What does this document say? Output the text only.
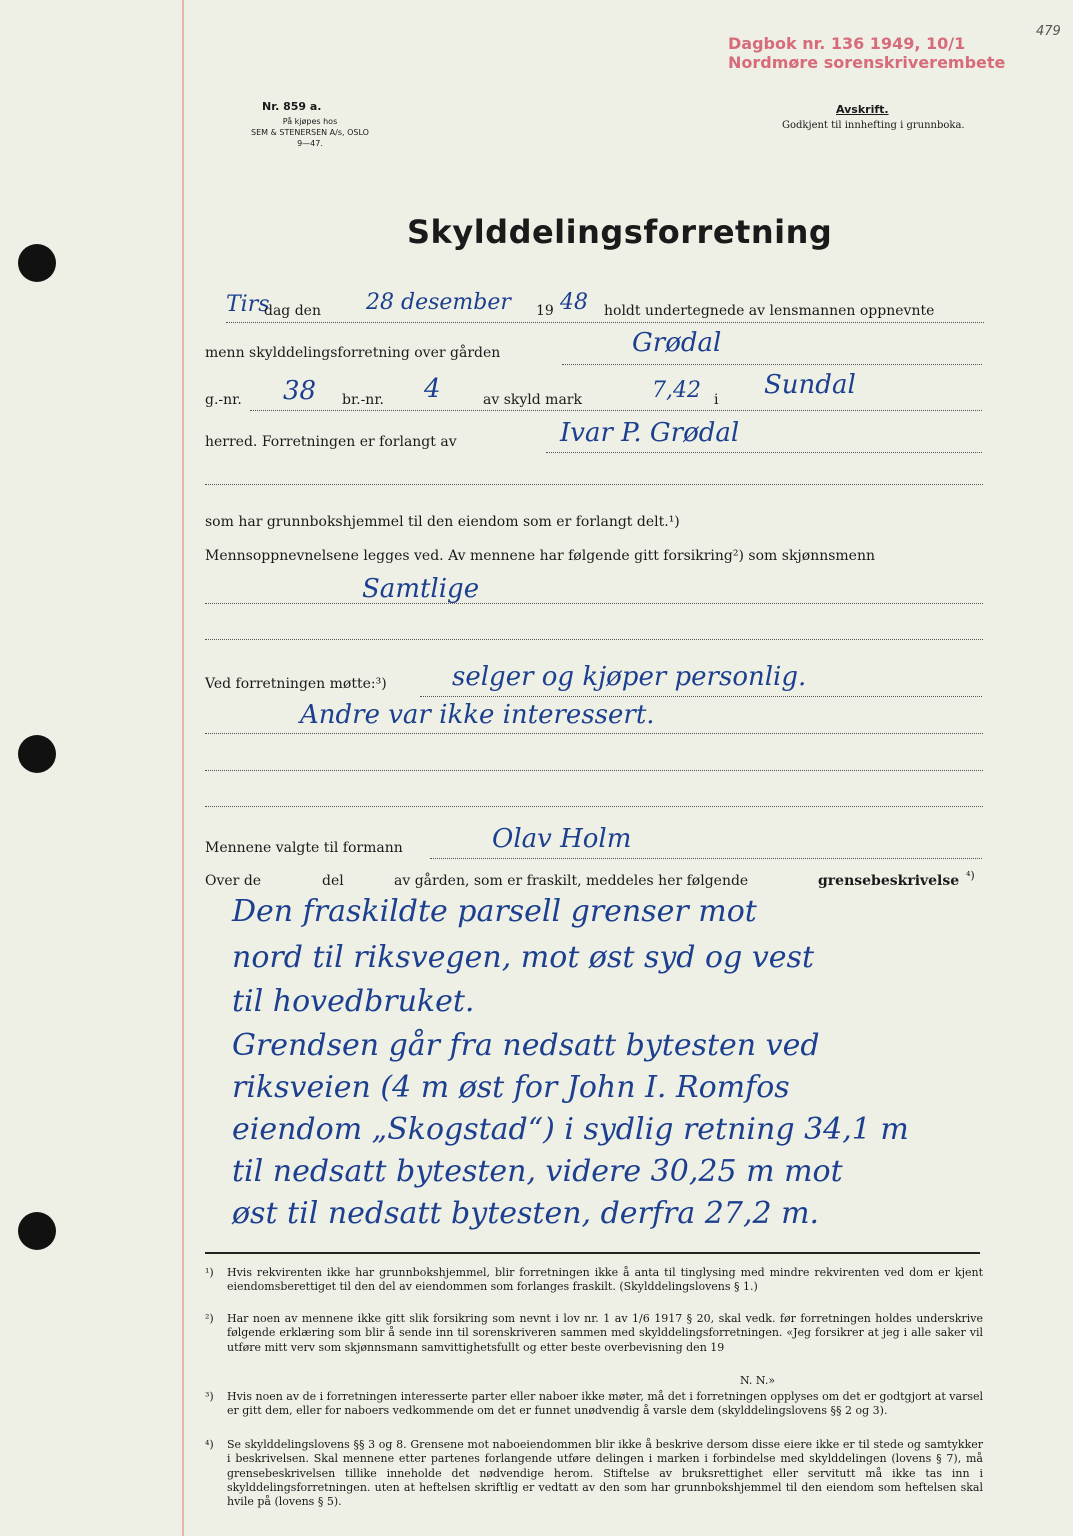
Dagbok nr. 136 1949, 10/1
Nordmøre sorenskriverembete
479
Nr. 859 a.
På kjøpes hos
SEM & STENERSEN A/s, OSLO
9—47.
Avskrift.
Godkjent til innhefting i grunnboka.
Skylddelingsforretning
Tirs
dag den 28 desember 19 48 holdt undertegnede av lensmannen oppnevnte
menn skylddelingsforretning over gården	Grødal
g.-nr. 38 br.-nr. 4	av skyld mark	7,42 i Sundal
herred. Forretningen er forlangt av	Ivar P. Grødal
som har grunnbokshjemmel til den eiendom som er forlangt delt.¹)
Mennsoppnevnelsene legges ved. Av mennene har følgende gitt forsikring²) som skjønnsmenn
Samtlige
Ved forretningen møtte:³)	selger og kjøper personlig.
Andre var ikke interessert.
Mennene valgte til formann	Olav Holm
Over de	del	av gården, som er fraskilt, meddeles her følgende	grensebeskrivelse ⁴)
Den fraskildte parsell grenser mot
nord til riksvegen, mot øst syd og vest
til hovedbruket.
Grendsen går fra nedsatt bytesten ved
riksveien (4 m øst for John I. Romfos
eiendom „Skogstad“) i sydlig retning 34,1 m
til nedsatt bytesten, videre 30,25 m mot
øst til nedsatt bytesten, derfra 27,2 m.
¹) Hvis rekvirenten ikke har grunnbokshjemmel, blir forretningen ikke å anta til tinglysing med mindre rekvirenten ved dom er kjent eiendomsberettiget til den del av eiendommen som forlanges fraskilt. (Skylddelingslovens § 1.)
²) Har noen av mennene ikke gitt slik forsikring som nevnt i lov nr. 1 av 1/6 1917 § 20, skal vedk. før forretningen holdes underskrive følgende erklæring som blir å sende inn til sorenskriveren sammen med skylddelingsforretningen. «Jeg forsikrer at jeg i alle saker vil utføre mitt verv som skjønnsmann samvittighetsfullt og etter beste overbevisning den 19
N. N.»
³) Hvis noen av de i forretningen interesserte parter eller naboer ikke møter, må det i forretningen opplyses om det er godtgjort at varsel er gitt dem, eller for naboers vedkommende om det er funnet unødvendig å varsle dem (skylddelingslovens §§ 2 og 3).
⁴) Se skylddelingslovens §§ 3 og 8. Grensene mot naboeiendommen blir ikke å beskrive dersom disse eiere ikke er til stede og samtykker i beskrivelsen. Skal mennene etter partenes forlangende utføre delingen i marken i forbindelse med skylddelingen (lovens § 7), må grensebeskrivelsen tillike inneholde det nødvendige herom. Stiftelse av bruksrettighet eller servitutt må ikke tas inn i skylddelingsforretningen. uten at heftelsen skriftlig er vedtatt av den som har grunnbokshjemmel til den eiendom som heftelsen skal hvile på (lovens § 5).
